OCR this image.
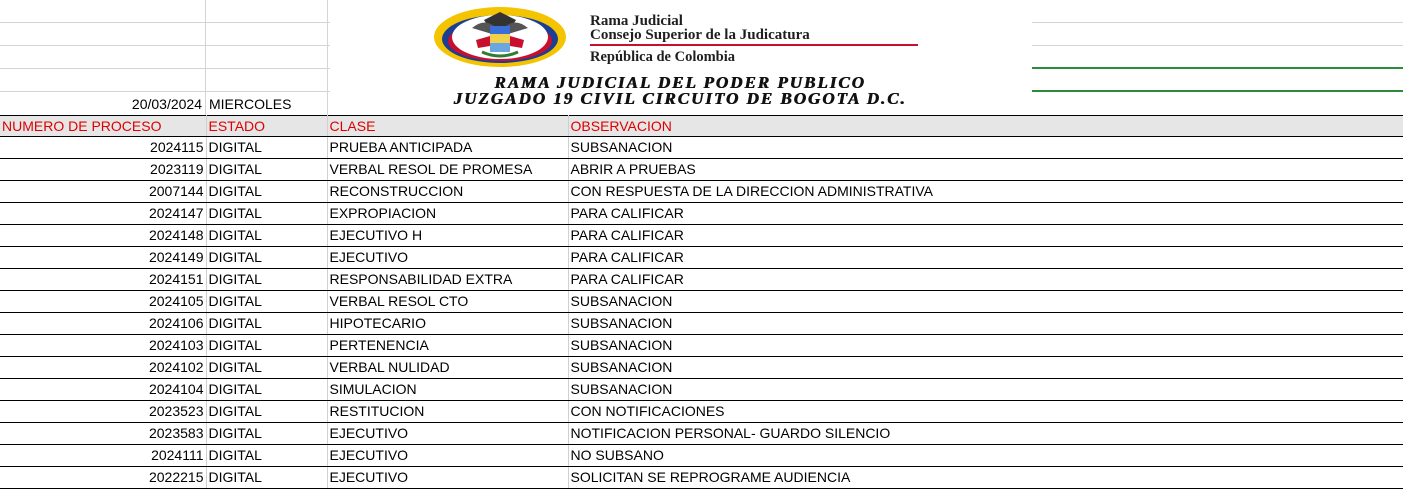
Rama Judicial
Consejo Superior de la Judicatura
República de Colombia
RAMA JUDICIAL DEL PODER PUBLICO
JUZGADO 19 CIVIL CIRCUITO DE BOGOTA D.C.
20/03/2024 MIERCOLES
NUMERO DE PROCESO	ESTADO	CLASE	OBSERVACION
2024115	DIGITAL	PRUEBA ANTICIPADA	SUBSANACION
2023119	DIGITAL	VERBAL RESOL DE PROMESA	ABRIR A PRUEBAS
2007144	DIGITAL	RECONSTRUCCION	CON RESPUESTA DE LA DIRECCION ADMINISTRATIVA
2024147	DIGITAL	EXPROPIACION	PARA CALIFICAR
2024148	DIGITAL	EJECUTIVO H	PARA CALIFICAR
2024149	DIGITAL	EJECUTIVO	PARA CALIFICAR
2024151	DIGITAL	RESPONSABILIDAD EXTRA	PARA CALIFICAR
2024105	DIGITAL	VERBAL RESOL CTO	SUBSANACION
2024106	DIGITAL	HIPOTECARIO	SUBSANACION
2024103	DIGITAL	PERTENENCIA	SUBSANACION
2024102	DIGITAL	VERBAL NULIDAD	SUBSANACION
2024104	DIGITAL	SIMULACION	SUBSANACION
2023523	DIGITAL	RESTITUCION	CON NOTIFICACIONES
2023583	DIGITAL	EJECUTIVO	NOTIFICACION PERSONAL- GUARDO SILENCIO
2024111	DIGITAL	EJECUTIVO	NO SUBSANO
2022215	DIGITAL	EJECUTIVO	SOLICITAN SE REPROGRAME AUDIENCIA
